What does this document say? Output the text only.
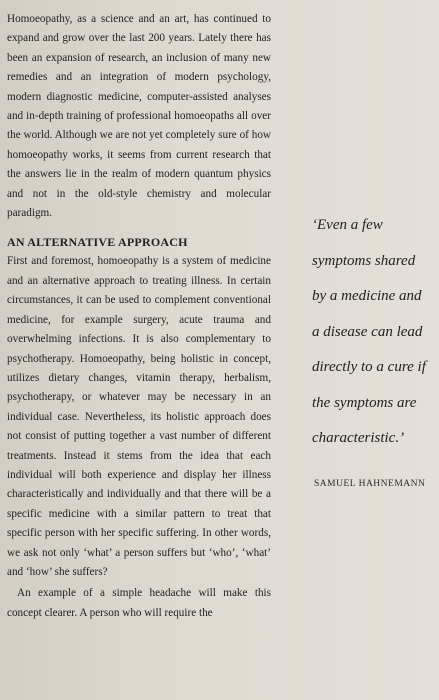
Homoeopathy, as a science and an art, has continued to expand and grow over the last 200 years. Lately there has been an expansion of research, an inclusion of many new remedies and an integration of modern psychology, modern diagnostic medicine, computer-assisted analyses and in-depth training of professional homoeopaths all over the world. Although we are not yet completely sure of how homoeopathy works, it seems from current research that the answers lie in the realm of modern quantum physics and not in the old-style chemistry and molecular paradigm.

AN ALTERNATIVE APPROACH

First and foremost, homoeopathy is a system of medicine and an alternative approach to treating illness. In certain circumstances, it can be used to complement conventional medicine, for example surgery, acute trauma and overwhelming infections. It is also complementary to psychotherapy. Homoeopathy, being holistic in concept, utilizes dietary changes, vitamin therapy, herbalism, psychotherapy, or whatever may be necessary in an individual case. Nevertheless, its holistic approach does not consist of putting together a vast number of different treatments. Instead it stems from the idea that each individual will both experience and display her illness characteristically and individually and that there will be a specific medicine with a similar pattern to treat that specific person with her specific suffering. In other words, we ask not only ‘what’ a person suffers but ‘who’, ‘what’ and ‘how’ she suffers?

An example of a simple headache will make this concept clearer. A person who will require the

‘Even a few
symptoms shared
by a medicine and
a disease can lead
directly to a cure if
the symptoms are
characteristic.’
SAMUEL HAHNEMANN
